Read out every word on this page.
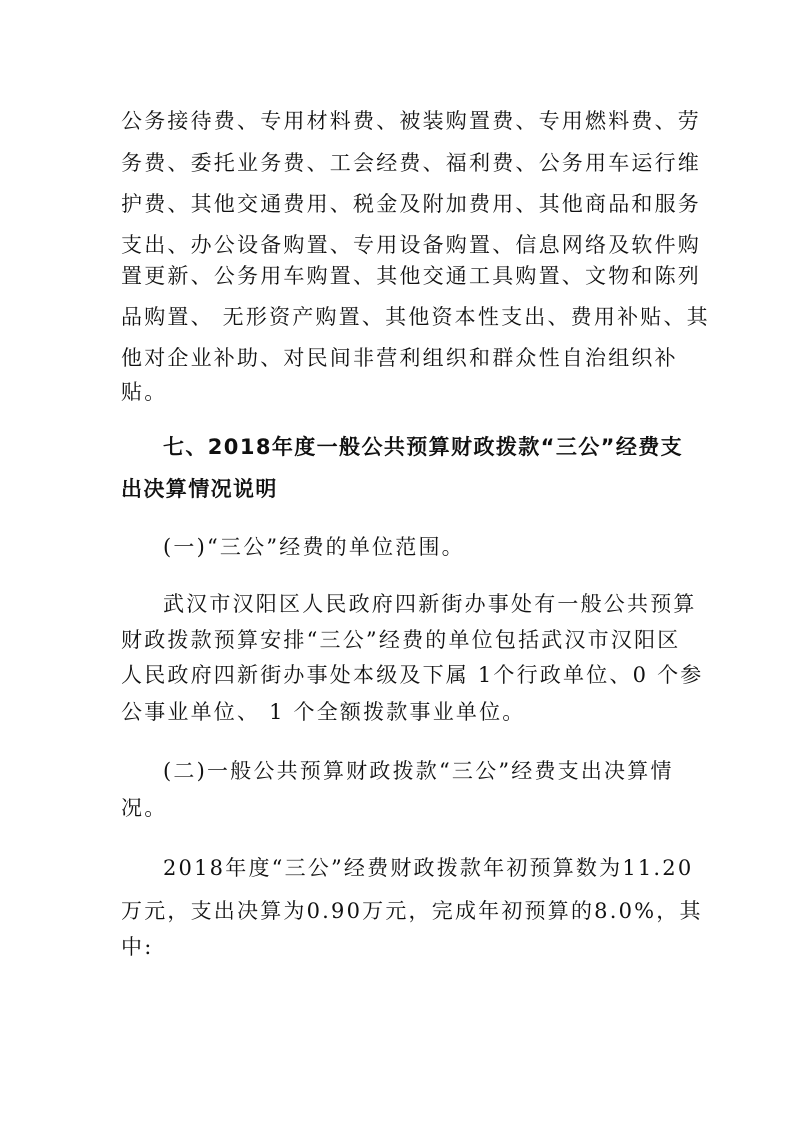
公务接待费、专用材料费、被装购置费、专用燃料费、劳
务费、委托业务费、工会经费、福利费、公务用车运行维
护费、其他交通费用、税金及附加费用、其他商品和服务
支出、办公设备购置、专用设备购置、信息网络及软件购
置更新、公务用车购置、其他交通工具购置、文物和陈列
品购置、 无形资产购置、其他资本性支出、费用补贴、其
他对企业补助、对民间非营利组织和群众性自治组织补
贴。
七、2018年度一般公共预算财政拨款“三公”经费支
出决算情况说明
(一)“三公”经费的单位范围。
武汉市汉阳区人民政府四新街办事处有一般公共预算
财政拨款预算安排“三公”经费的单位包括武汉市汉阳区
人民政府四新街办事处本级及下属 1个行政单位、0 个参
公事业单位、 1 个全额拨款事业单位。
(二)一般公共预算财政拨款“三公”经费支出决算情
况。
2018年度“三公”经费财政拨款年初预算数为11.20
万元，支出决算为0.90万元，完成年初预算的8.0%，其
中:
